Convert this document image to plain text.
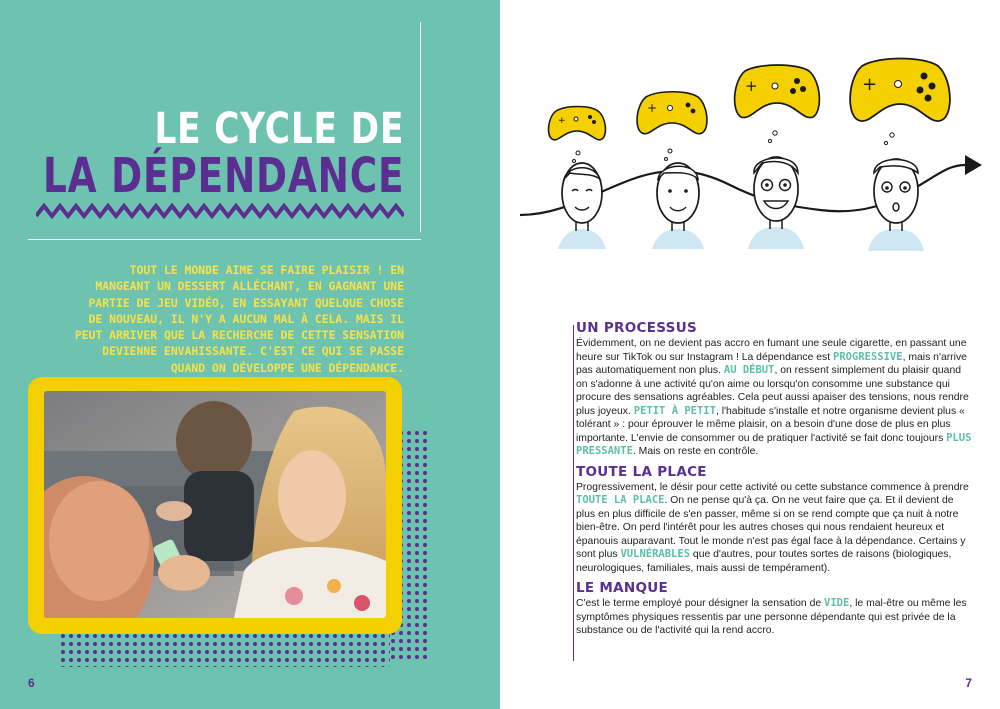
LE CYCLE DE
LA DÉPENDANCE
TOUT LE MONDE AIME SE FAIRE PLAISIR ! EN MANGEANT UN DESSERT ALLÉCHANT, EN GAGNANT UNE PARTIE DE JEU VIDÉO, EN ESSAYANT QUELQUE CHOSE DE NOUVEAU, IL N'Y A AUCUN MAL À CELA. MAIS IL PEUT ARRIVER QUE LA RECHERCHE DE CETTE SENSATION DEVIENNE ENVAHISSANTE. C'EST CE QUI SE PASSE QUAND ON DÉVELOPPE UNE DÉPENDANCE.
6
+
+
+	+
UN PROCESSUS
Évidemment, on ne devient pas accro en fumant une seule cigarette, en passant une heure sur TikTok ou sur Instagram ! La dépendance est PROGRESSIVE, mais n'arrive pas automatiquement non plus. AU DÉBUT, on ressent simplement du plaisir quand on s'adonne à une activité qu'on aime ou lorsqu'on consomme une substance qui procure des sensations agréables. Cela peut aussi apaiser des tensions, nous rendre plus joyeux. PETIT À PETIT, l'habitude s'installe et notre organisme devient plus « tolérant » : pour éprouver le même plaisir, on a besoin d'une dose de plus en plus importante. L'envie de consommer ou de pratiquer l'activité se fait donc toujours PLUS PRESSANTE. Mais on reste en contrôle.
TOUTE LA PLACE
Progressivement, le désir pour cette activité ou cette substance commence à prendre TOUTE LA PLACE. On ne pense qu'à ça. On ne veut faire que ça. Et il devient de plus en plus difficile de s'en passer, même si on se rend compte que ça nuit à notre bien-être. On perd l'intérêt pour les autres choses qui nous rendaient heureux et épanouis auparavant. Tout le monde n'est pas égal face à la dépendance. Certains y sont plus VULNÉRABLES que d'autres, pour toutes sortes de raisons (biologiques, neurologiques, familiales, mais aussi de tempérament).
LE MANQUE
C'est le terme employé pour désigner la sensation de VIDE, le mal-être ou même les symptômes physiques ressentis par une personne dépendante qui est privée de la substance ou de l'activité qui la rend accro.
7
